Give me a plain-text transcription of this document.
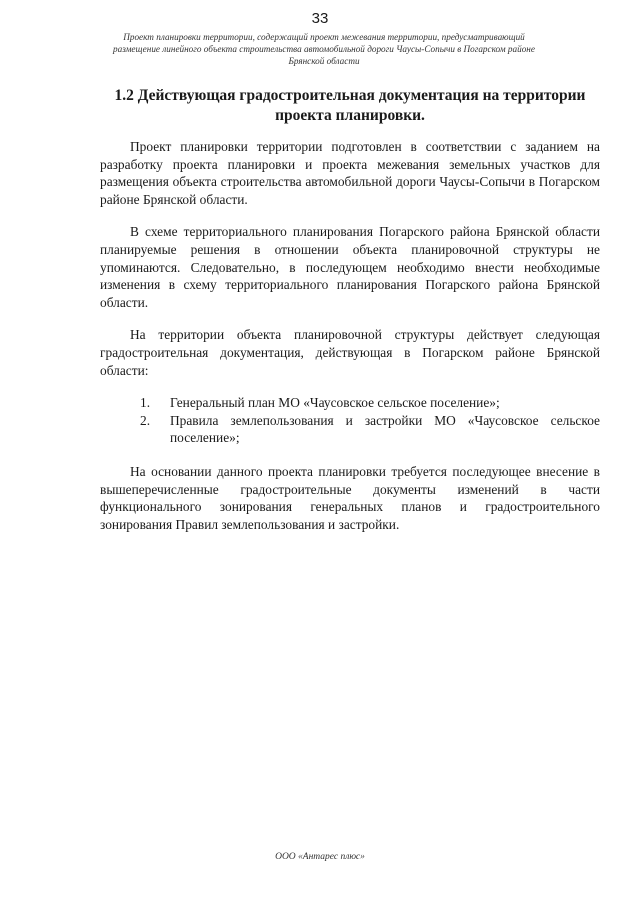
33
Проект планировки территории, содержащий проект межевания территории, предусматривающий
размещение линейного объекта строительства автомобильной дороги Чаусы-Сопычи в Погарском районе
Брянской области
1.2 Действующая градостроительная документация на территории
проекта планировки.

Проект планировки территории подготовлен в соответствии с заданием на разработку проекта планировки и проекта межевания земельных участков для размещения объекта строительства автомобильной дороги Чаусы-Сопычи в Погарском районе Брянской области.

В схеме территориального планирования Погарского района Брянской области планируемые решения в отношении объекта планировочной структуры не упоминаются. Следовательно, в последующем необходимо внести необходимые изменения в схему территориального планирования Погарского района Брянской области.

На территории объекта планировочной структуры действует следующая градостроительная документация, действующая в Погарском районе Брянской области:

1. Генеральный план МО «Чаусовское сельское поселение»;
2. Правила землепользования и застройки МО «Чаусовское сельское поселение»;

На основании данного проекта планировки требуется последующее внесение в вышеперечисленные градостроительные документы изменений в части функционального зонирования генеральных планов и градостроительного зонирования Правил землепользования и застройки.

ООО «Антарес плюс»
